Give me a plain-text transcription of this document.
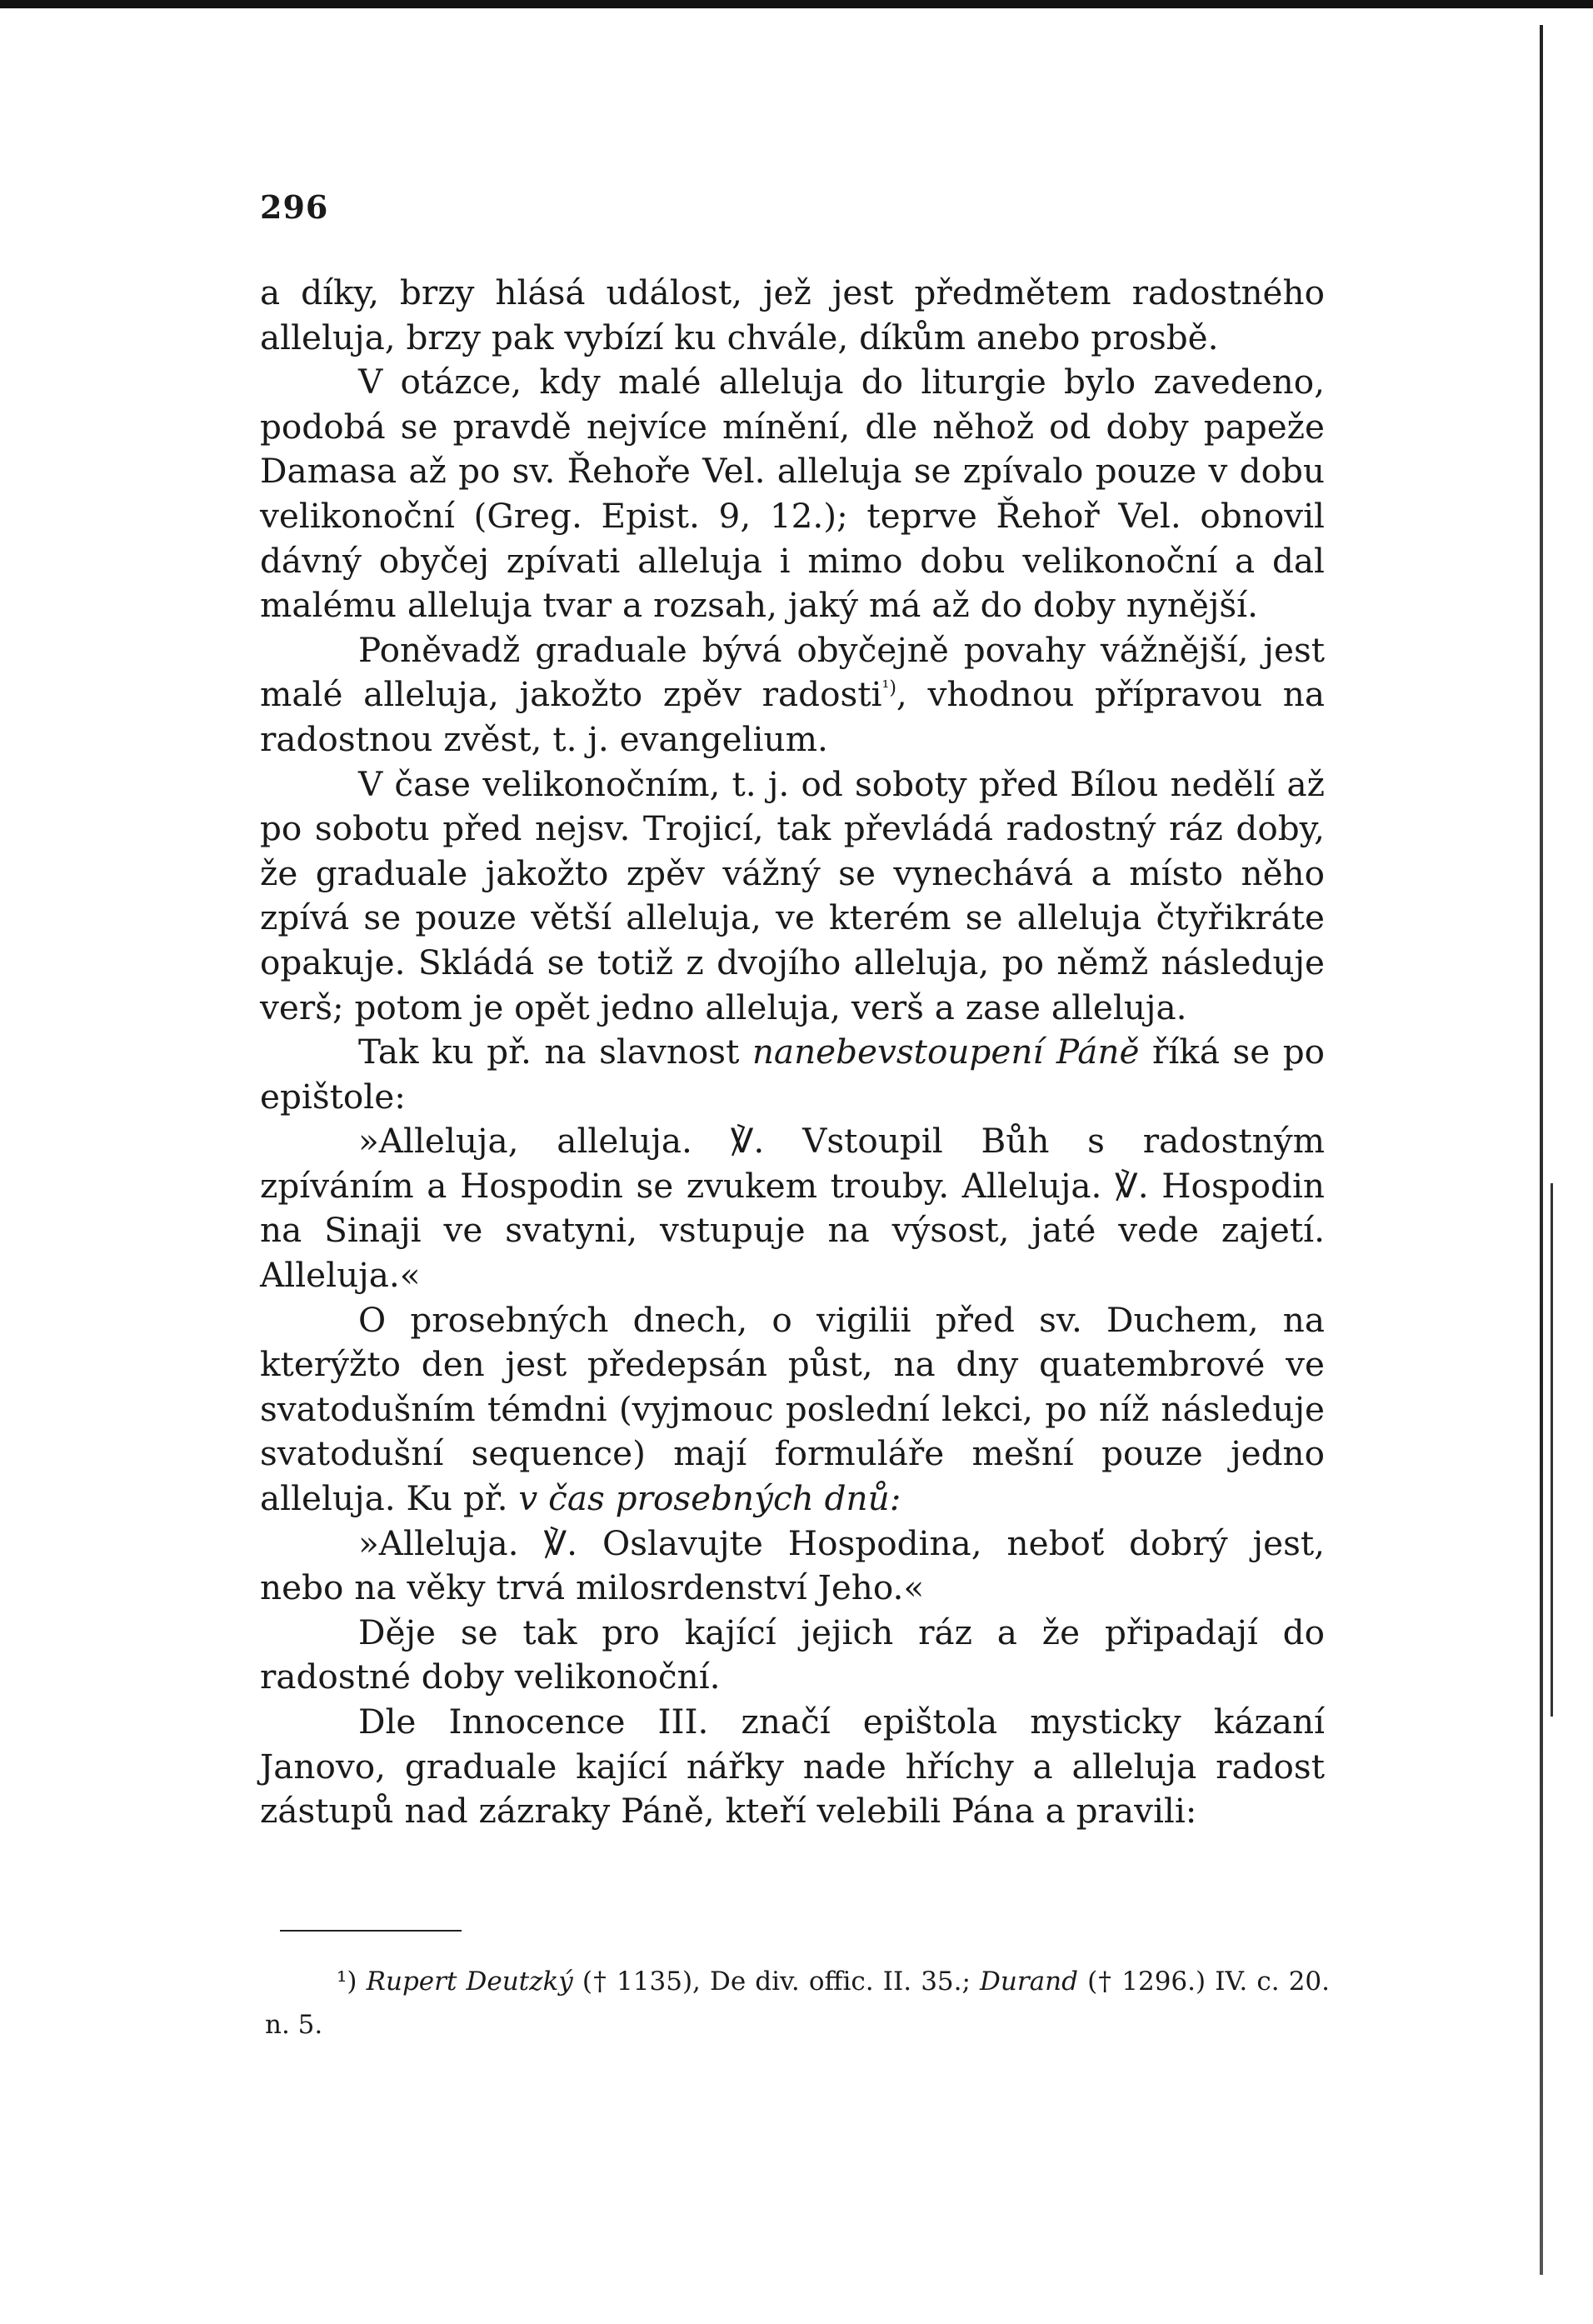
296

a díky, brzy hlásá událost, jež jest předmětem radostného alleluja, brzy pak vybízí ku chvále, díkům anebo prosbě.

V otázce, kdy malé alleluja do liturgie bylo zavedeno, podobá se pravdě nejvíce mínění, dle něhož od doby papeže Damasa až po sv. Řehoře Vel. alleluja se zpívalo pouze v dobu velikonoční (Greg. Epist. 9, 12.); teprve Řehoř Vel. obnovil dávný obyčej zpívati alleluja i mimo dobu velikonoční a dal malému alleluja tvar a rozsah, jaký má až do doby nynější.

Poněvadž graduale bývá obyčejně povahy vážnější, jest malé alleluja, jakožto zpěv radosti$^{^1)}$, vhodnou přípravou na radostnou zvěst, t. j. evangelium.

V čase velikonočním, t. j. od soboty před Bílou nedělí až po sobotu před nejsv. Trojicí, tak převládá radostný ráz doby, že graduale jakožto zpěv vážný se vynechává a místo něho zpívá se pouze větší alleluja, ve kterém se alleluja čtyřikráte opakuje. Skládá se totiž z dvojího alleluja, po němž následuje verš; potom je opět jedno alleluja, verš a zase alleluja.

Tak ku př. na slavnost nanebevstoupení Páně říká se po epištole:

»Alleluja, alleluja. ℣. Vstoupil Bůh s radostným zpíváním a Hospodin se zvukem trouby. Alleluja. ℣. Hospodin na Sinaji ve svatyni, vstupuje na výsost, jaté vede zajetí. Alleluja.«

O prosebných dnech, o vigilii před sv. Duchem, na kterýžto den jest předepsán půst, na dny quatembrové ve svatodušním témdni (vyjmouc poslední lekci, po níž následuje svatodušní sequence) mají formuláře mešní pouze jedno alleluja. Ku př. v čas prosebných dnů:

»Alleluja. ℣. Oslavujte Hospodina, neboť dobrý jest, nebo na věky trvá milosrdenství Jeho.«

Děje se tak pro kající jejich ráz a že připadají do radostné doby velikonoční.

Dle Innocence III. značí epištola mysticky kázaní Janovo, graduale kající nářky nade hříchy a alleluja radost zástupů nad zázraky Páně, kteří velebili Pána a pravili:

¹) Rupert Deutzký († 1135), De div. offic. II. 35.; Durand († 1296.) IV. c. 20. n. 5.
